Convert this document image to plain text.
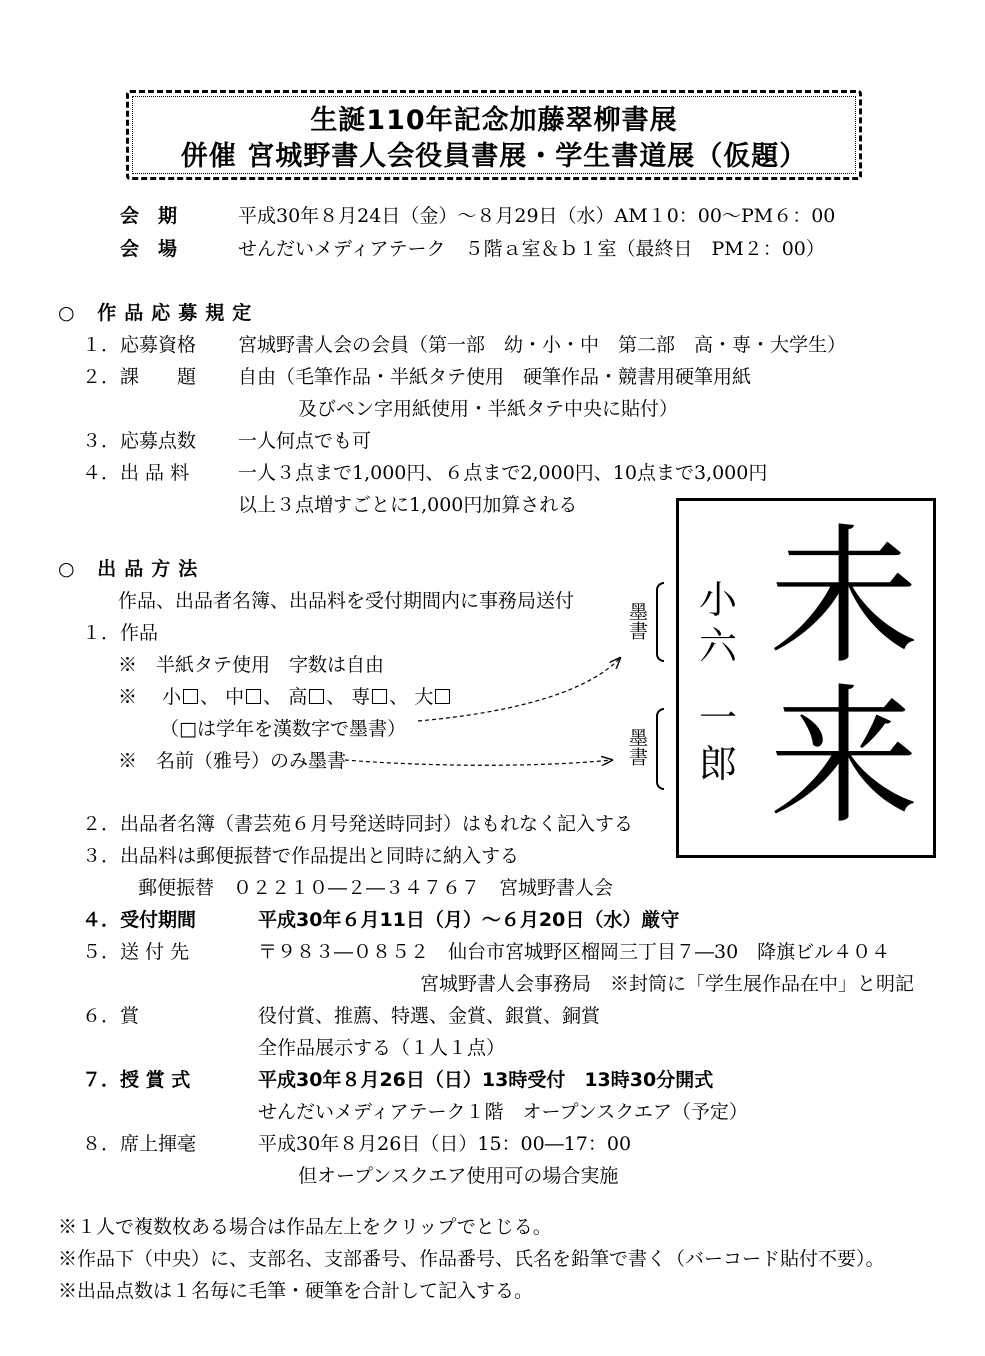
生誕110年記念加藤翠柳書展
併催 宮城野書人会役員書展・学生書道展（仮題）
会　期	平成30年８月24日（金）～８月29日（水）AM１0：00～PM６：00
会　場	せんだいメディアテーク　５階ａ室＆ｂ１室（最終日　PM２：00）
○ 作品応募規定
１．応募資格 宮城野書人会の会員（第一部　幼・小・中　第二部　高・専・大学生）
２．課　　題 自由（毛筆作品・半紙タテ使用　硬筆作品・競書用硬筆用紙
及びペン字用紙使用・半紙タテ中央に貼付）
３．応募点数 一人何点でも可
４．出 品 料	一人３点まで1,000円、６点まで2,000円、10点まで3,000円
以上３点増すごとに1,000円加算される
○ 出品方法
作品、出品者名簿、出品料を受付期間内に事務局送付
１．作品
※　半紙タテ使用　字数は自由
※　 小 、 中 、 高 、 専 、 大
（□は学年を漢数字で墨書）
※　名前（雅号）のみ墨書
墨書
墨書
未
来
小
六
一
郎
２．出品者名簿（書芸苑６月号発送時同封）はもれなく記入する
３．出品料は郵便振替で作品提出と同時に納入する
郵便振替　０２２１０―２―３４７６７　宮城野書人会
４．受付期間	平成30年６月11日（月）～６月20日（水）厳守
５．送 付 先	〒９８３―０８５２　仙台市宮城野区榴岡三丁目７―30　降旗ビル４０４
宮城野書人会事務局　※封筒に「学生展作品在中」と明記
６．賞	役付賞、推薦、特選、金賞、銀賞、銅賞
全作品展示する（１人１点）
７．授 賞 式	平成30年８月26日（日）13時受付　13時30分開式
せんだいメディアテーク１階　オープンスクエア（予定）
８．席上揮毫	平成30年８月26日（日）15：00―17：00
但オープンスクエア使用可の場合実施
※１人で複数枚ある場合は作品左上をクリップでとじる。
※作品下（中央）に、支部名、支部番号、作品番号、氏名を鉛筆で書く（バーコード貼付不要）。
※出品点数は１名毎に毛筆・硬筆を合計して記入する。
